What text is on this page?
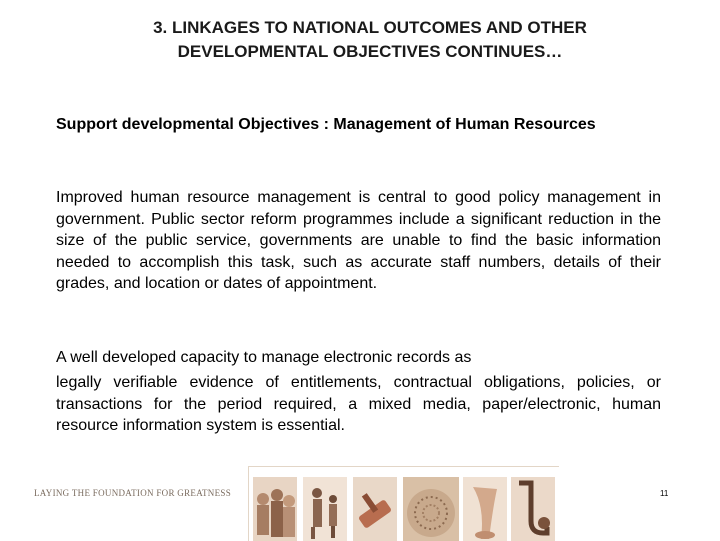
3. LINKAGES TO NATIONAL OUTCOMES AND OTHER
DEVELOPMENTAL OBJECTIVES CONTINUES…
Support developmental Objectives : Management of Human Resources
Improved human resource management is central to good policy management in government. Public sector reform programmes include a significant reduction in the size of the public service, governments are unable to find the basic information needed to accomplish this task, such as accurate staff numbers, details of their grades, and location or dates of appointment.
A well developed capacity to manage electronic records as
legally verifiable evidence of entitlements, contractual obligations, policies, or transactions for the period required, a mixed media, paper/electronic, human resource information system is essential.
LAYING THE FOUNDATION FOR GREATNESS	11
